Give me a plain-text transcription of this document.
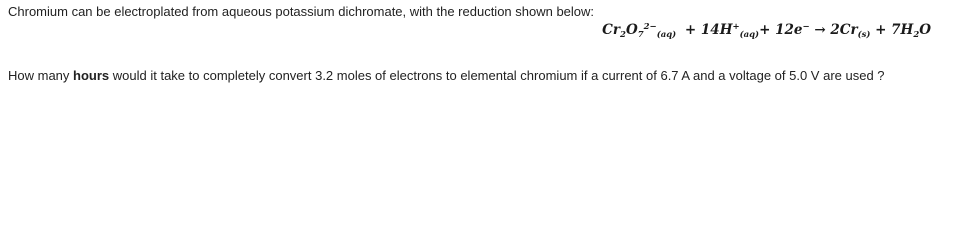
Chromium can be electroplated from aqueous potassium dichromate, with the reduction shown below:
$Cr_2O_7^{2-}_{(aq)} + 14H^+_{(aq)}+ 12e^- \to 2Cr_{(s)} + 7H_2O$
How many hours would it take to completely convert 3.2 moles of electrons to elemental chromium if a current of 6.7 A and a voltage of 5.0 V are used ?
